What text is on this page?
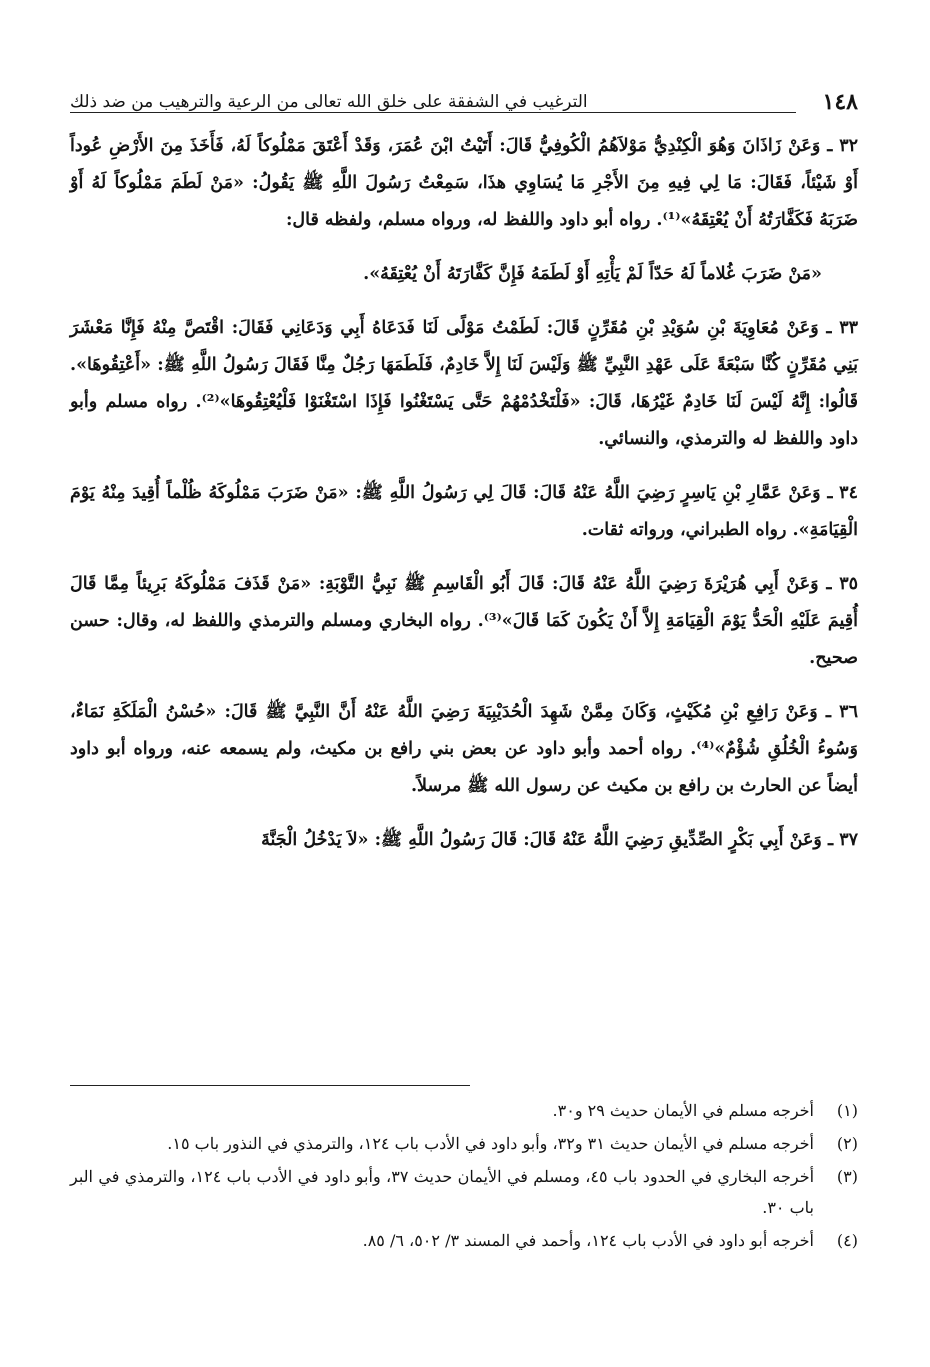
١٤٨
الترغيب في الشفقة على خلق الله تعالى من الرعية والترهيب من ضد ذلك

٣٢ ـ وَعَنْ زَاذَانَ وَهُوَ الْكِنْدِيُّ مَوْلاَهُمُ الْكُوفِيُّ قَالَ: أَتَيْتُ ابْنَ عُمَرَ، وَقَدْ أَعْتَقَ مَمْلُوكاً لَهُ، فَأَخَذَ مِنَ الأَرْضِ عُوداً أَوْ شَيْئاً، فَقَالَ: مَا لِي فِيهِ مِنَ الأَجْرِ مَا يُسَاوِي هذَا، سَمِعْتُ رَسُولَ اللَّهِ ﷺ يَقُولُ: «مَنْ لَطَمَ مَمْلُوكاً لَهُ أَوْ ضَرَبَهُ فَكَفَّارَتُهُ أَنْ يُعْتِقَهُ»⁽¹⁾. رواه أبو داود واللفظ له، ورواه مسلم، ولفظه قال:

«مَنْ ضَرَبَ غُلاماً لَهُ حَدّاً لَمْ يَأْتِهِ أَوْ لَطَمَهُ فَإِنَّ كَفَّارَتَهُ أَنْ يُعْتِقَهُ».

٣٣ ـ وَعَنْ مُعَاوِيَةَ بْنِ سُوَيْدِ بْنِ مُقَرِّنٍ قَالَ: لَطَمْتُ مَوْلًى لَنَا فَدَعَاهُ أَبِي وَدَعَانِي فَقَالَ: اقْتَصَّ مِنْهُ فَإِنَّا مَعْشَرَ بَنِي مُقَرِّنٍ كُنَّا سَبْعَةً عَلَى عَهْدِ النَّبِيِّ ﷺ وَلَيْسَ لَنَا إِلاَّ خَادِمٌ، فَلَطَمَهَا رَجُلٌ مِنَّا فَقَالَ رَسُولُ اللَّهِ ﷺ: «أَعْتِقُوهَا». قَالُوا: إِنَّهُ لَيْسَ لَنَا خَادِمٌ غَيْرُهَا، قَالَ: «فَلْتَخْدُمْهُمْ حَتَّى يَسْتَغْنُوا فَإِذَا اسْتَغْنَوْا فَلْيُعْتِقُوهَا»⁽²⁾. رواه مسلم وأبو داود واللفظ له والترمذي، والنسائي.

٣٤ ـ وَعَنْ عَمَّارِ بْنِ يَاسِرٍ رَضِيَ اللَّهُ عَنْهُ قَالَ: قَالَ لِي رَسُولُ اللَّهِ ﷺ: «مَنْ ضَرَبَ مَمْلُوكَهُ ظُلْماً أُقِيدَ مِنْهُ يَوْمَ الْقِيَامَةِ». رواه الطبراني، ورواته ثقات.

٣٥ ـ وَعَنْ أَبِي هُرَيْرَةَ رَضِيَ اللَّهُ عَنْهُ قَالَ: قَالَ أَبُو الْقَاسِمِ ﷺ نَبِيُّ التَّوْبَةِ: «مَنْ قَذَفَ مَمْلُوكَهُ بَرِيئاً مِمَّا قَالَ أُقِيمَ عَلَيْهِ الْحَدُّ يَوْمَ الْقِيَامَةِ إِلاَّ أَنْ يَكُونَ كَمَا قَالَ»⁽³⁾. رواه البخاري ومسلم والترمذي واللفظ له، وقال: حسن صحيح.

٣٦ ـ وَعَنْ رَافِعِ بْنِ مُكَيْثٍ، وَكَانَ مِمَّنْ شَهِدَ الْحُدَيْبِيَةَ رَضِيَ اللَّهُ عَنْهُ أَنَّ النَّبِيَّ ﷺ قَالَ: «حُسْنُ الْمَلَكَةِ نَمَاءٌ، وَسُوءُ الْخُلُقِ شُؤْمٌ»⁽⁴⁾. رواه أحمد وأبو داود عن بعض بني رافع بن مكيث، ولم يسمعه عنه، ورواه أبو داود أيضاً عن الحارث بن رافع بن مكيث عن رسول الله ﷺ مرسلاً.

٣٧ ـ وَعَنْ أَبِي بَكْرٍ الصِّدِّيقِ رَضِيَ اللَّهُ عَنْهُ قَالَ: قَالَ رَسُولُ اللَّهِ ﷺ: «لاَ يَدْخُلُ الْجَنَّةَ

(١)
أخرجه مسلم في الأيمان حديث ٢٩ و٣٠.
(٢)
أخرجه مسلم في الأيمان حديث ٣١ و٣٢، وأبو داود في الأدب باب ١٢٤، والترمذي في النذور باب ١٥.
(٣)
أخرجه البخاري في الحدود باب ٤٥، ومسلم في الأيمان حديث ٣٧، وأبو داود في الأدب باب ١٢٤، والترمذي في البر باب ٣٠.
(٤)
أخرجه أبو داود في الأدب باب ١٢٤، وأحمد في المسند ٣/ ٥٠٢، ٦/ ٨٥.
